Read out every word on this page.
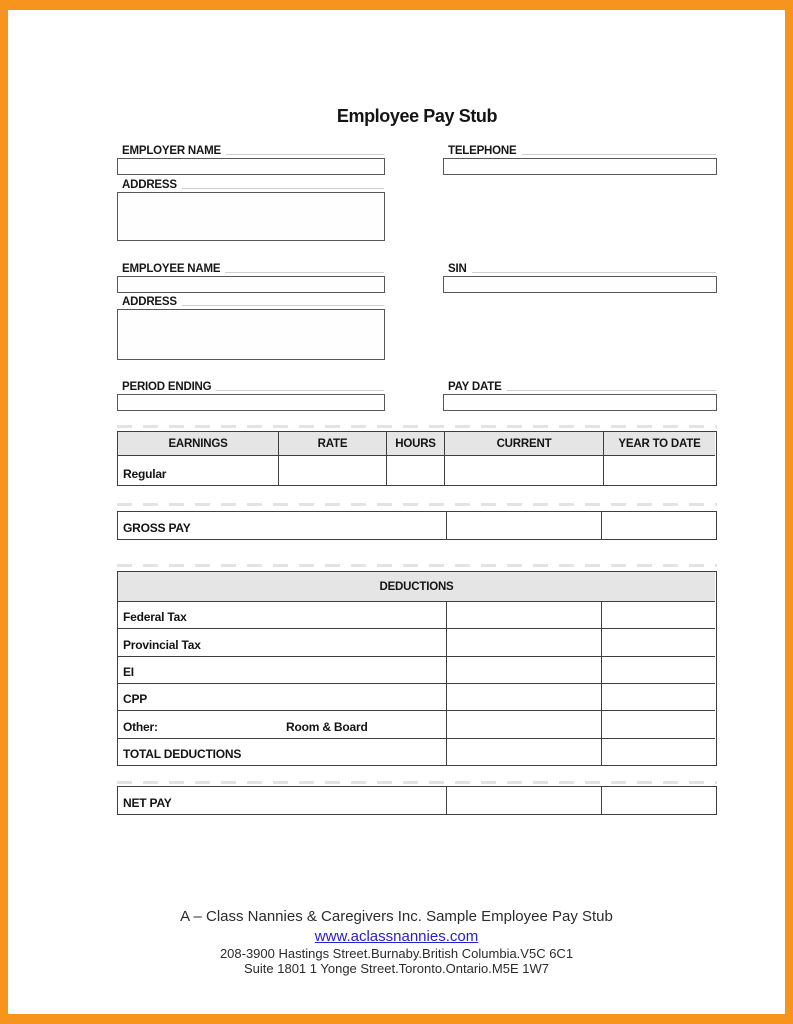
Employee Pay Stub
EMPLOYER NAME	TELEPHONE
ADDRESS
EMPLOYEE NAME	SIN
ADDRESS
PERIOD ENDING	PAY DATE
EARNINGS	RATE	HOURS	CURRENT	YEAR TO DATE
Regular
GROSS PAY
DEDUCTIONS
Federal Tax
Provincial Tax
EI
CPP
Other:	Room & Board
TOTAL DEDUCTIONS
NET PAY
A – Class Nannies & Caregivers Inc. Sample Employee Pay Stub
www.aclassnannies.com
208-3900 Hastings Street.Burnaby.British Columbia.V5C 6C1
Suite 1801 1 Yonge Street.Toronto.Ontario.M5E 1W7
